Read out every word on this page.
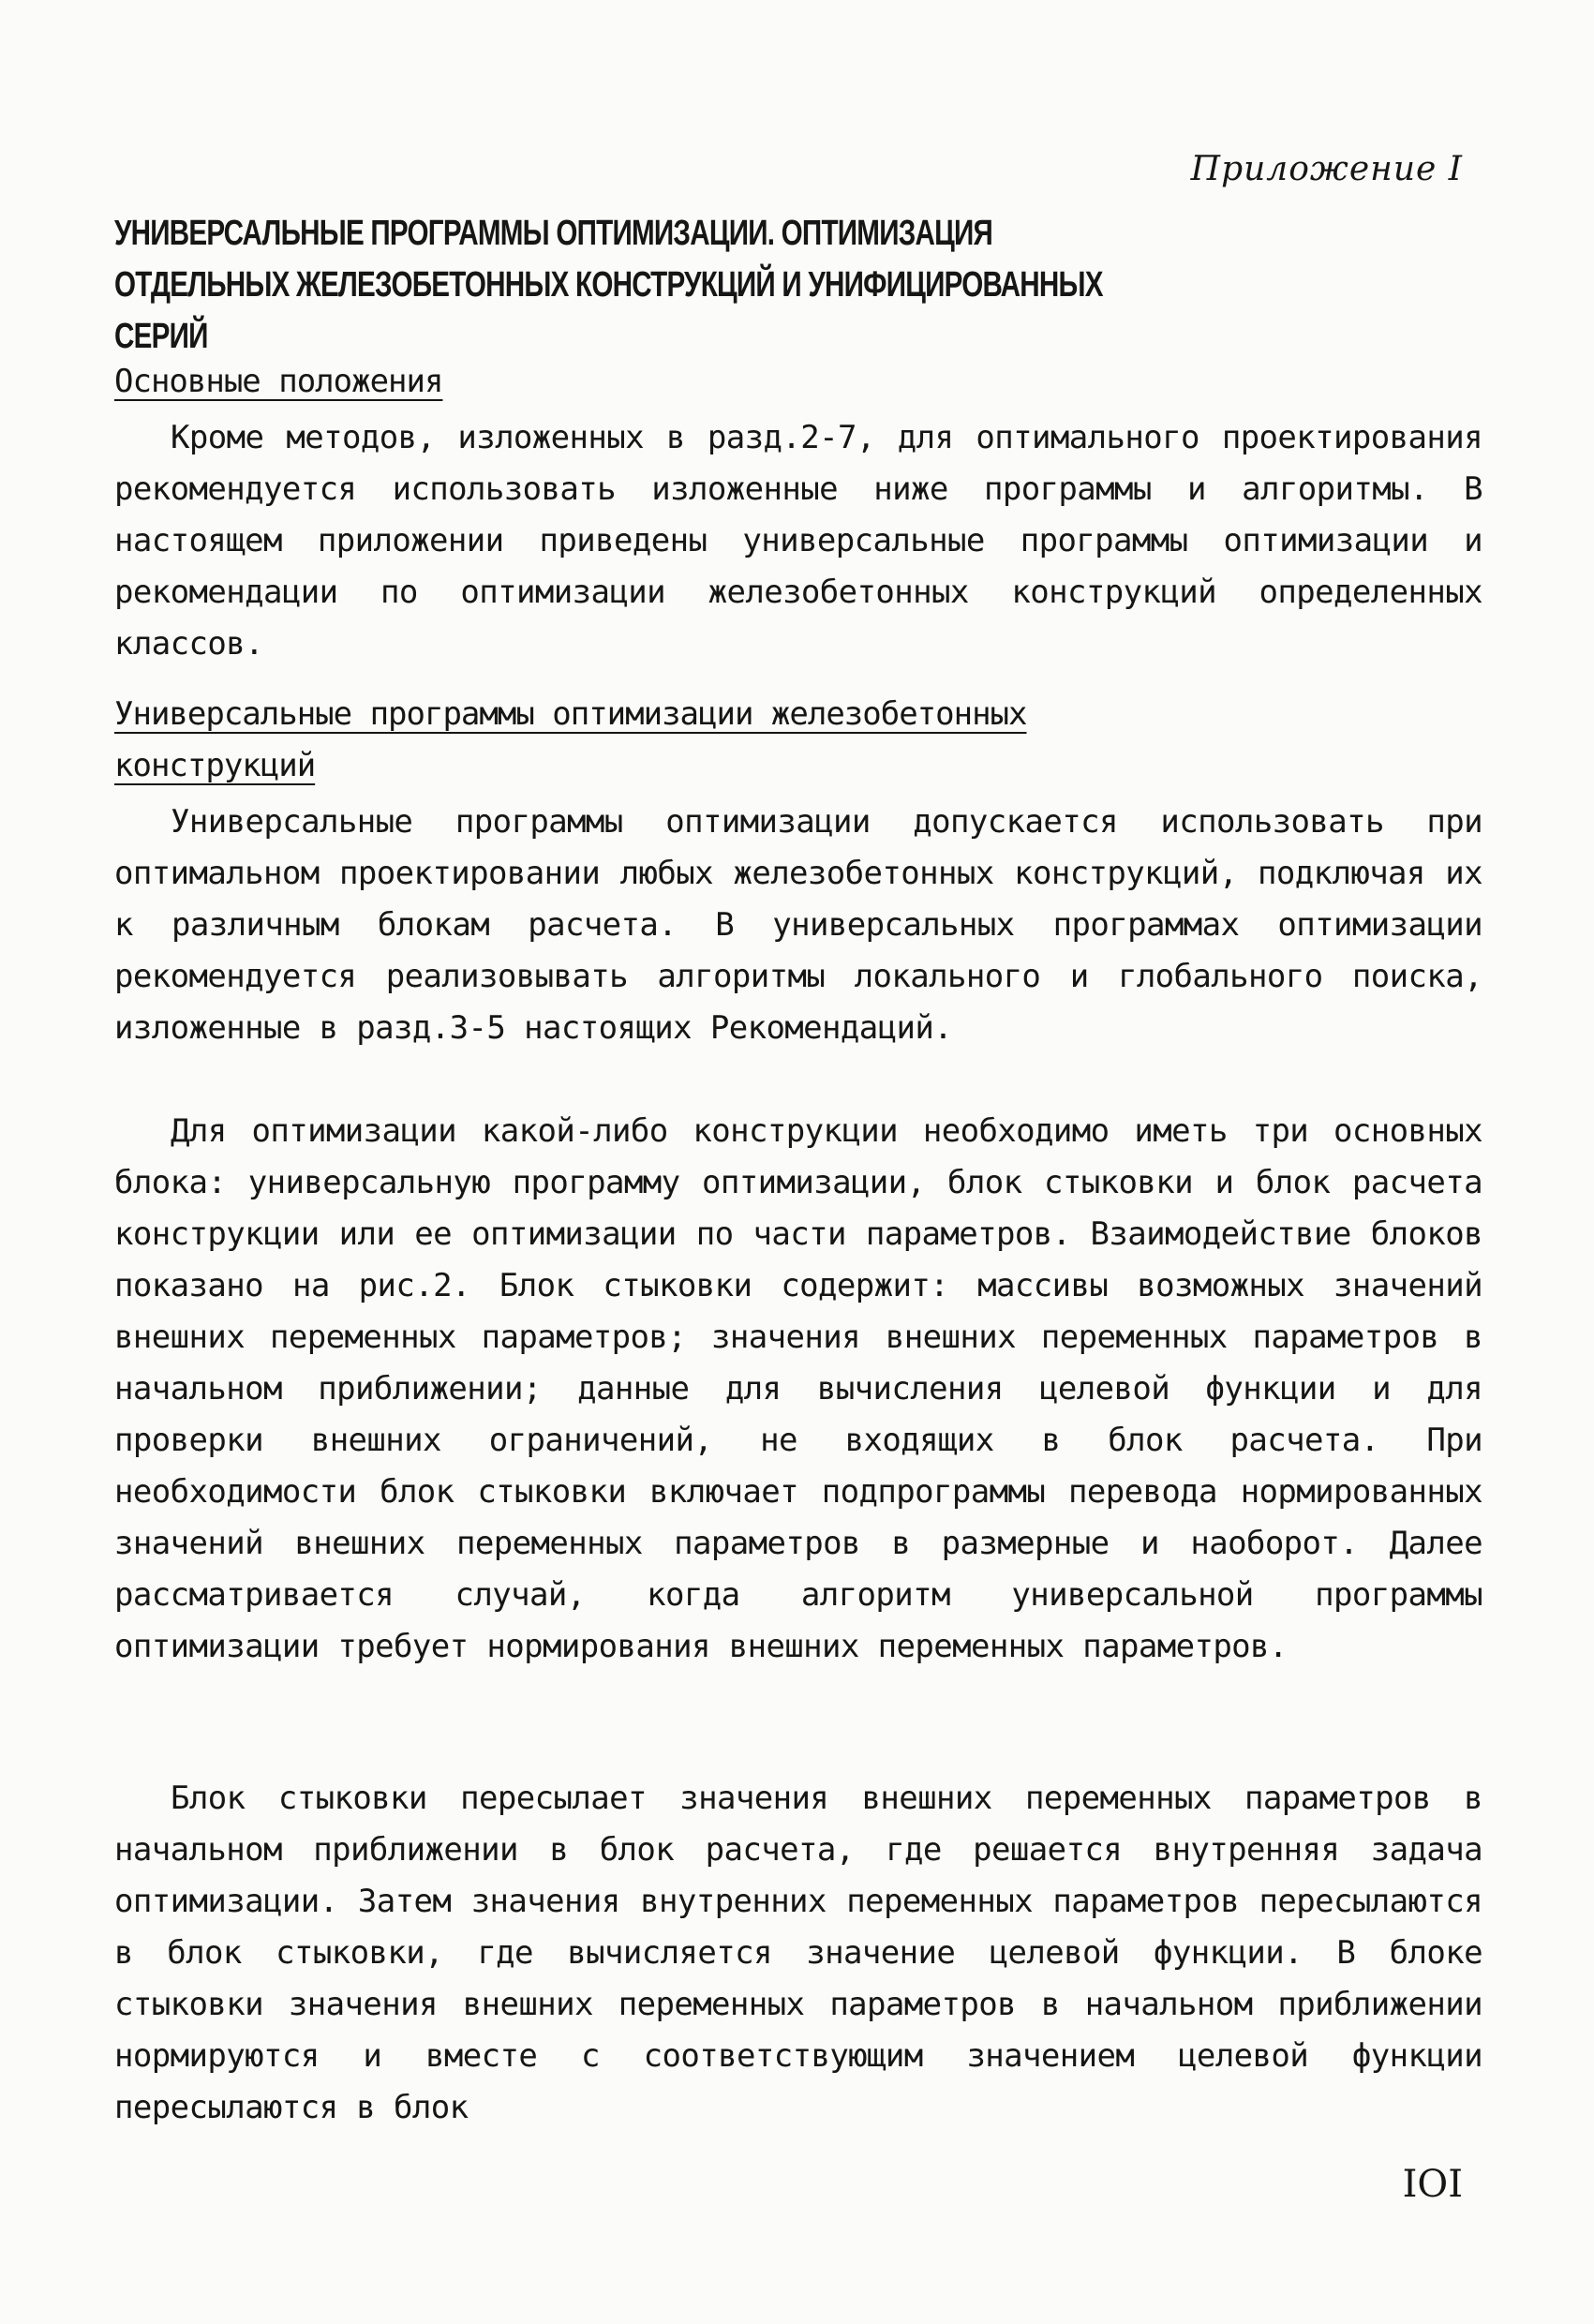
Приложение I
УНИВЕРСАЛЬНЫЕ ПРОГРАММЫ ОПТИМИЗАЦИИ. ОПТИМИЗАЦИЯ
ОТДЕЛЬНЫХ ЖЕЛЕЗОБЕТОННЫХ КОНСТРУКЦИЙ И УНИФИЦИРОВАННЫХ
СЕРИЙ
Основные положения
Кроме методов, изложенных в разд.2-7, для оптимального проектирования рекомендуется использовать изложенные ниже программы и алгоритмы. В настоящем приложении приведены универсальные программы оптимизации и рекомендации по оптимизации железобетонных конструкций определенных классов.
Универсальные программы оптимизации железобетонных
конструкций
Универсальные программы оптимизации допускается использовать при оптимальном проектировании любых железобетонных конструкций, подключая их к различным блокам расчета. В универсальных программах оптимизации рекомендуется реализовывать алгоритмы локального и глобального поиска, изложенные в разд.3-5 настоящих Рекомендаций.
Для оптимизации какой-либо конструкции необходимо иметь три основных блока: универсальную программу оптимизации, блок стыковки и блок расчета конструкции или ее оптимизации по части параметров. Взаимодействие блоков показано на рис.2. Блок стыковки содержит: массивы возможных значений внешних переменных параметров; значения внешних переменных параметров в начальном приближении; данные для вычисления целевой функции и для проверки внешних ограничений, не входящих в блок расчета. При необходимости блок стыковки включает подпрограммы перевода нормированных значений внешних переменных параметров в размерные и наоборот. Далее рассматривается случай, когда алгоритм универсальной программы оптимизации требует нормирования внешних переменных параметров.
Блок стыковки пересылает значения внешних переменных параметров в начальном приближении в блок расчета, где решается внутренняя задача оптимизации. Затем значения внутренних переменных параметров пересылаются в блок стыковки, где вычисляется значение целевой функции. В блоке стыковки значения внешних переменных параметров в начальном приближении нормируются и вместе с соответствующим значением целевой функции пересылаются в блок
IOI
